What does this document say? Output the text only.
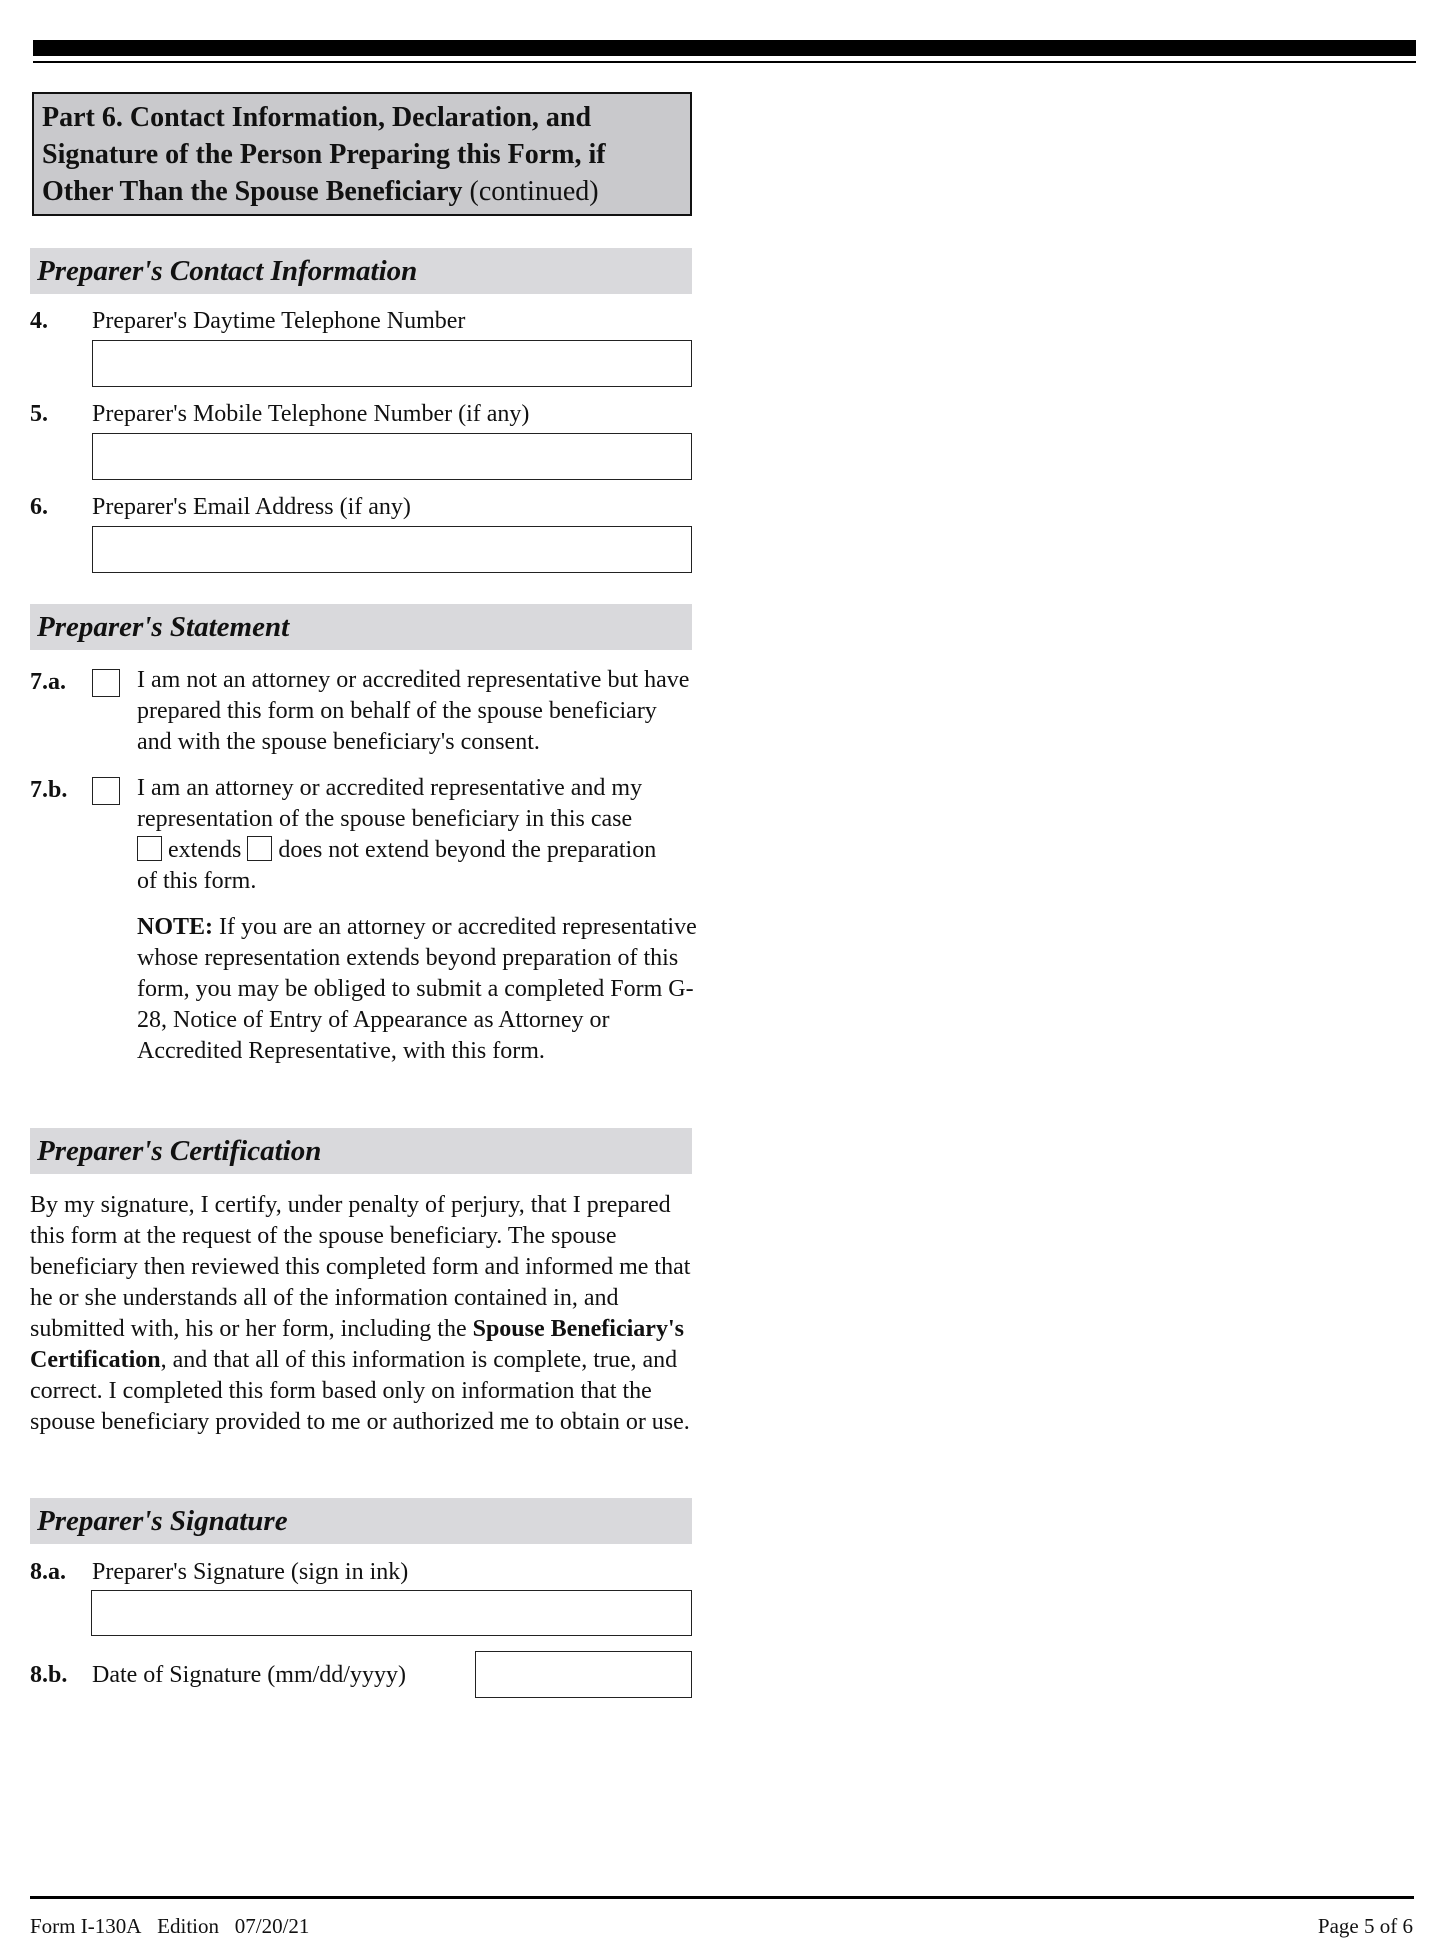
Part 6. Contact Information, Declaration, and Signature of the Person Preparing this Form, if Other Than the Spouse Beneficiary (continued)
Preparer's Contact Information
4. Preparer's Daytime Telephone Number
5. Preparer's Mobile Telephone Number (if any)
6. Preparer's Email Address (if any)
Preparer's Statement
7.a.	I am not an attorney or accredited representative but have prepared this form on behalf of the spouse beneficiary and with the spouse beneficiary's consent.
7.b.	I am an attorney or accredited representative and my representation of the spouse beneficiary in this case
extends does not extend beyond the preparation
of this form.
NOTE: If you are an attorney or accredited representative whose representation extends beyond preparation of this form, you may be obliged to submit a completed Form G-28, Notice of Entry of Appearance as Attorney or Accredited Representative, with this form.
Preparer's Certification
By my signature, I certify, under penalty of perjury, that I prepared this form at the request of the spouse beneficiary. The spouse beneficiary then reviewed this completed form and informed me that he or she understands all of the information contained in, and submitted with, his or her form, including the Spouse Beneficiary's Certification, and that all of this information is complete, true, and correct. I completed this form based only on information that the spouse beneficiary provided to me or authorized me to obtain or use.
Preparer's Signature
8.a. Preparer's Signature (sign in ink)
8.b. Date of Signature (mm/dd/yyyy)
Form I-130A Edition 07/20/21	Page 5 of 6
